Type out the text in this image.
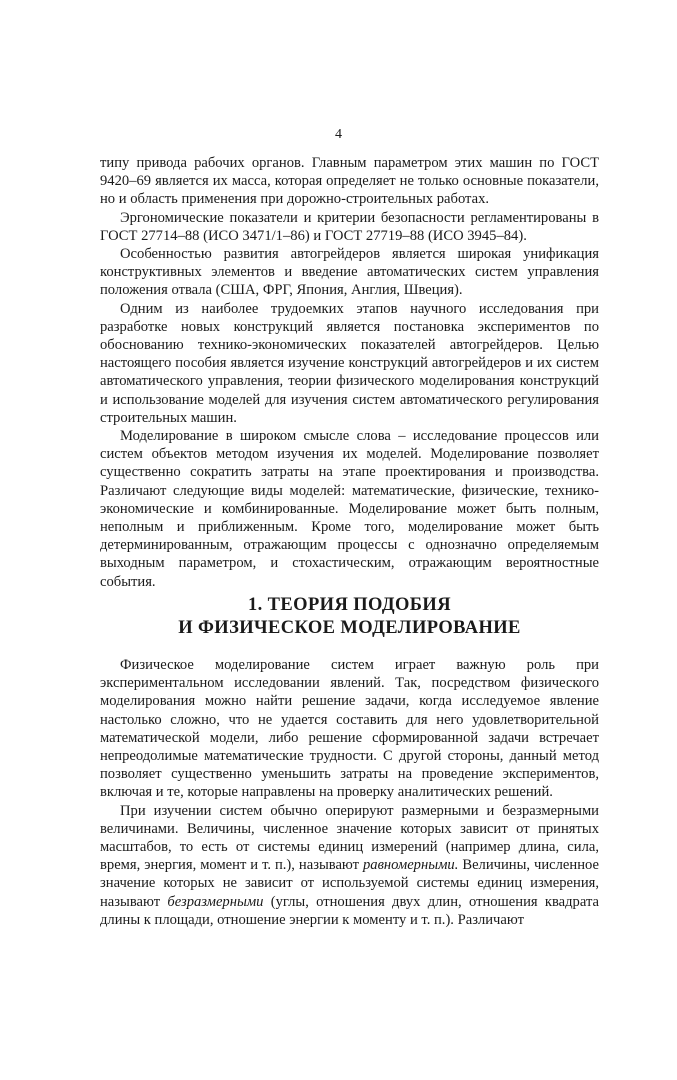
4

типу привода рабочих органов. Главным параметром этих машин по ГОСТ 9420–69 является их масса, которая определяет не только основные показатели, но и область применения при дорожно-строительных работах.

Эргономические показатели и критерии безопасности регламентированы в ГОСТ 27714–88 (ИСО 3471/1–86) и ГОСТ 27719–88 (ИСО 3945–84).

Особенностью развития автогрейдеров является широкая унификация конструктивных элементов и введение автоматических систем управления положения отвала (США, ФРГ, Япония, Англия, Швеция).

Одним из наиболее трудоемких этапов научного исследования при разработке новых конструкций является постановка экспериментов по обоснованию технико-экономических показателей автогрейдеров. Целью настоящего пособия является изучение конструкций автогрейдеров и их систем автоматического управления, теории физического моделирования конструкций и использование моделей для изучения систем автоматического регулирования строительных машин.

Моделирование в широком смысле слова – исследование процессов или систем объектов методом изучения их моделей. Моделирование позволяет существенно сократить затраты на этапе проектирования и производства. Различают следующие виды моделей: математические, физические, технико-экономические и комбинированные. Моделирование может быть полным, неполным и приближенным. Кроме того, моделирование может быть детерминированным, отражающим процессы с однозначно определяемым выходным параметром, и стохастическим, отражающим вероятностные события.

1. ТЕОРИЯ ПОДОБИЯ
И ФИЗИЧЕСКОЕ МОДЕЛИРОВАНИЕ

Физическое моделирование систем играет важную роль при экспериментальном исследовании явлений. Так, посредством физического моделирования можно найти решение задачи, когда исследуемое явление настолько сложно, что не удается составить для него удовлетворительной математической модели, либо решение сформированной задачи встречает непреодолимые математические трудности. С другой стороны, данный метод позволяет существенно уменьшить затраты на проведение экспериментов, включая и те, которые направлены на проверку аналитических решений.

При изучении систем обычно оперируют размерными и безразмерными величинами. Величины, численное значение которых зависит от принятых масштабов, то есть от системы единиц измерений (например длина, сила, время, энергия, момент и т. п.), называют равномерными. Величины, численное значение которых не зависит от используемой системы единиц измерения, называют безразмерными (углы, отношения двух длин, отношения квадрата длины к площади, отношение энергии к моменту и т. п.). Различают
